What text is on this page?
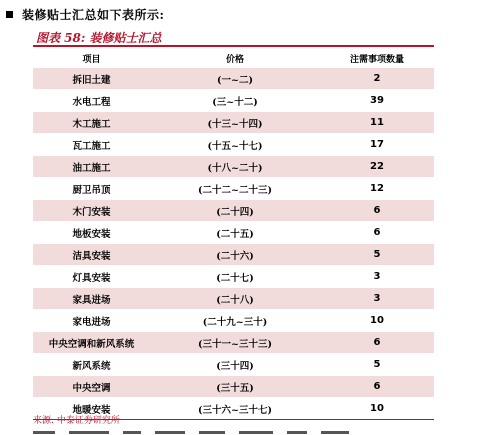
装修贴士汇总如下表所示:
图表 58: 装修贴士汇总
项目	价格	注需事项数量
拆旧土建	(一~二)	2
水电工程	(三~十二)	39
木工施工	(十三~十四)	11
瓦工施工	(十五~十七)	17
油工施工	(十八~二十)	22
厨卫吊顶	(二十二~二十三)	12
木门安装	(二十四)	6
地板安装	(二十五)	6
洁具安装	(二十六)	5
灯具安装	(二十七)	3
家具进场	(二十八)	3
家电进场	(二十九~三十)	10
中央空调和新风系统	(三十一~三十三)	6
新风系统	(三十四)	5
中央空调	(三十五)	6
地暖安装	(三十六~三十七)	10
来源: 中泰证券研究所
